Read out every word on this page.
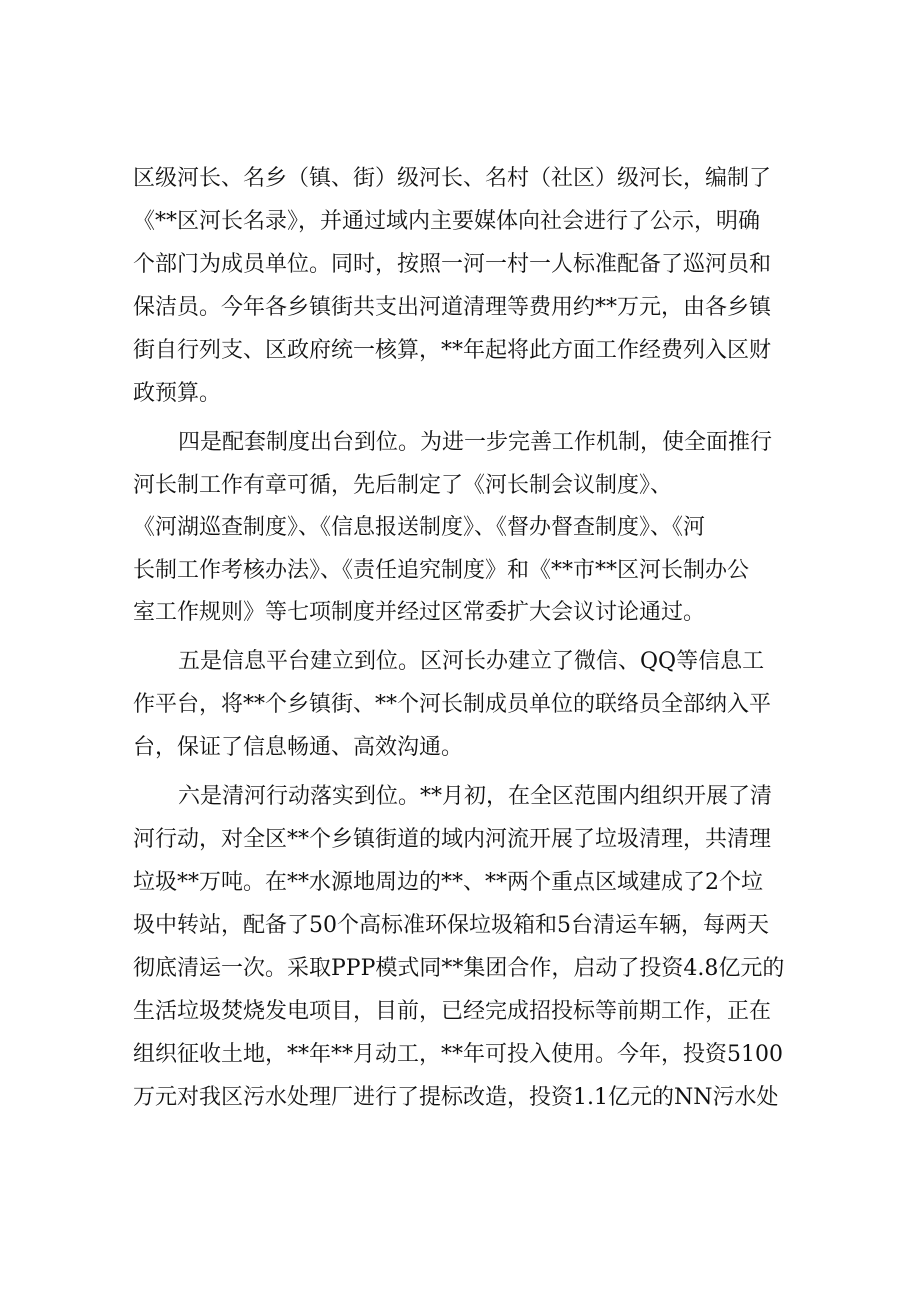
区级河长、名乡（镇、街）级河长、名村（社区）级河长，编制了

《**区河长名录》，并通过域内主要媒体向社会进行了公示，明确

个部门为成员单位。同时，按照一河一村一人标准配备了巡河员和

保洁员。今年各乡镇街共支出河道清理等费用约**万元，由各乡镇

街自行列支、区政府统一核算，**年起将此方面工作经费列入区财

政预算。

四是配套制度出台到位。为进一步完善工作机制，使全面推行

河长制工作有章可循，先后制定了《河长制会议制度》、

《河湖巡查制度》、《信息报送制度》、《督办督查制度》、《河

长制工作考核办法》、《责任追究制度》和《**市**区河长制办公

室工作规则》等七项制度并经过区常委扩大会议讨论通过。

五是信息平台建立到位。区河长办建立了微信、QQ等信息工

作平台，将**个乡镇街、**个河长制成员单位的联络员全部纳入平

台，保证了信息畅通、高效沟通。

六是清河行动落实到位。**月初，在全区范围内组织开展了清

河行动，对全区**个乡镇街道的域内河流开展了垃圾清理，共清理

垃圾**万吨。在**水源地周边的**、**两个重点区域建成了2个垃

圾中转站，配备了50个高标准环保垃圾箱和5台清运车辆，每两天

彻底清运一次。采取PPP模式同**集团合作，启动了投资4.8亿元的

生活垃圾焚烧发电项目，目前，已经完成招投标等前期工作，正在

组织征收土地，**年**月动工，**年可投入使用。今年，投资5100

万元对我区污水处理厂进行了提标改造，投资1.1亿元的NN污水处
